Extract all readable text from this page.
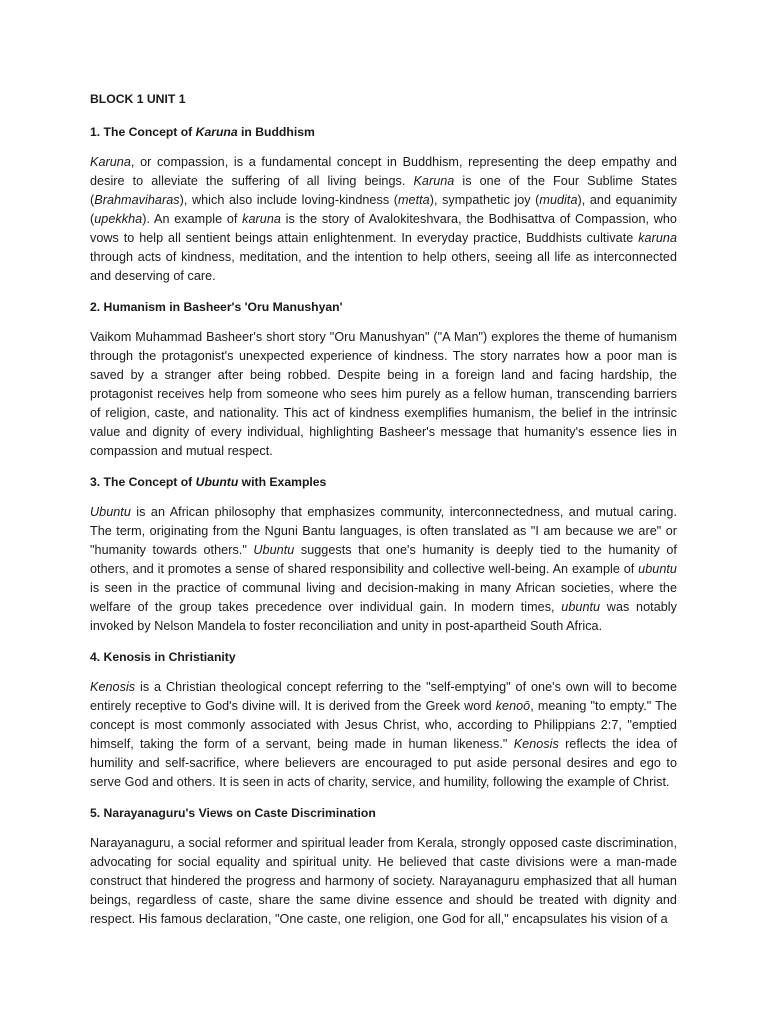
BLOCK 1 UNIT 1
1. The Concept of Karuna in Buddhism
Karuna, or compassion, is a fundamental concept in Buddhism, representing the deep empathy and desire to alleviate the suffering of all living beings. Karuna is one of the Four Sublime States (Brahmaviharas), which also include loving-kindness (metta), sympathetic joy (mudita), and equanimity (upekkha). An example of karuna is the story of Avalokiteshvara, the Bodhisattva of Compassion, who vows to help all sentient beings attain enlightenment. In everyday practice, Buddhists cultivate karuna through acts of kindness, meditation, and the intention to help others, seeing all life as interconnected and deserving of care.
2. Humanism in Basheer's 'Oru Manushyan'
Vaikom Muhammad Basheer's short story "Oru Manushyan" ("A Man") explores the theme of humanism through the protagonist's unexpected experience of kindness. The story narrates how a poor man is saved by a stranger after being robbed. Despite being in a foreign land and facing hardship, the protagonist receives help from someone who sees him purely as a fellow human, transcending barriers of religion, caste, and nationality. This act of kindness exemplifies humanism, the belief in the intrinsic value and dignity of every individual, highlighting Basheer's message that humanity's essence lies in compassion and mutual respect.
3. The Concept of Ubuntu with Examples
Ubuntu is an African philosophy that emphasizes community, interconnectedness, and mutual caring. The term, originating from the Nguni Bantu languages, is often translated as "I am because we are" or "humanity towards others." Ubuntu suggests that one's humanity is deeply tied to the humanity of others, and it promotes a sense of shared responsibility and collective well-being. An example of ubuntu is seen in the practice of communal living and decision-making in many African societies, where the welfare of the group takes precedence over individual gain. In modern times, ubuntu was notably invoked by Nelson Mandela to foster reconciliation and unity in post-apartheid South Africa.
4. Kenosis in Christianity
Kenosis is a Christian theological concept referring to the "self-emptying" of one's own will to become entirely receptive to God's divine will. It is derived from the Greek word kenoō, meaning "to empty." The concept is most commonly associated with Jesus Christ, who, according to Philippians 2:7, "emptied himself, taking the form of a servant, being made in human likeness." Kenosis reflects the idea of humility and self-sacrifice, where believers are encouraged to put aside personal desires and ego to serve God and others. It is seen in acts of charity, service, and humility, following the example of Christ.
5. Narayanaguru's Views on Caste Discrimination
Narayanaguru, a social reformer and spiritual leader from Kerala, strongly opposed caste discrimination, advocating for social equality and spiritual unity. He believed that caste divisions were a man-made construct that hindered the progress and harmony of society. Narayanaguru emphasized that all human beings, regardless of caste, share the same divine essence and should be treated with dignity and respect. His famous declaration, "One caste, one religion, one God for all," encapsulates his vision of a
